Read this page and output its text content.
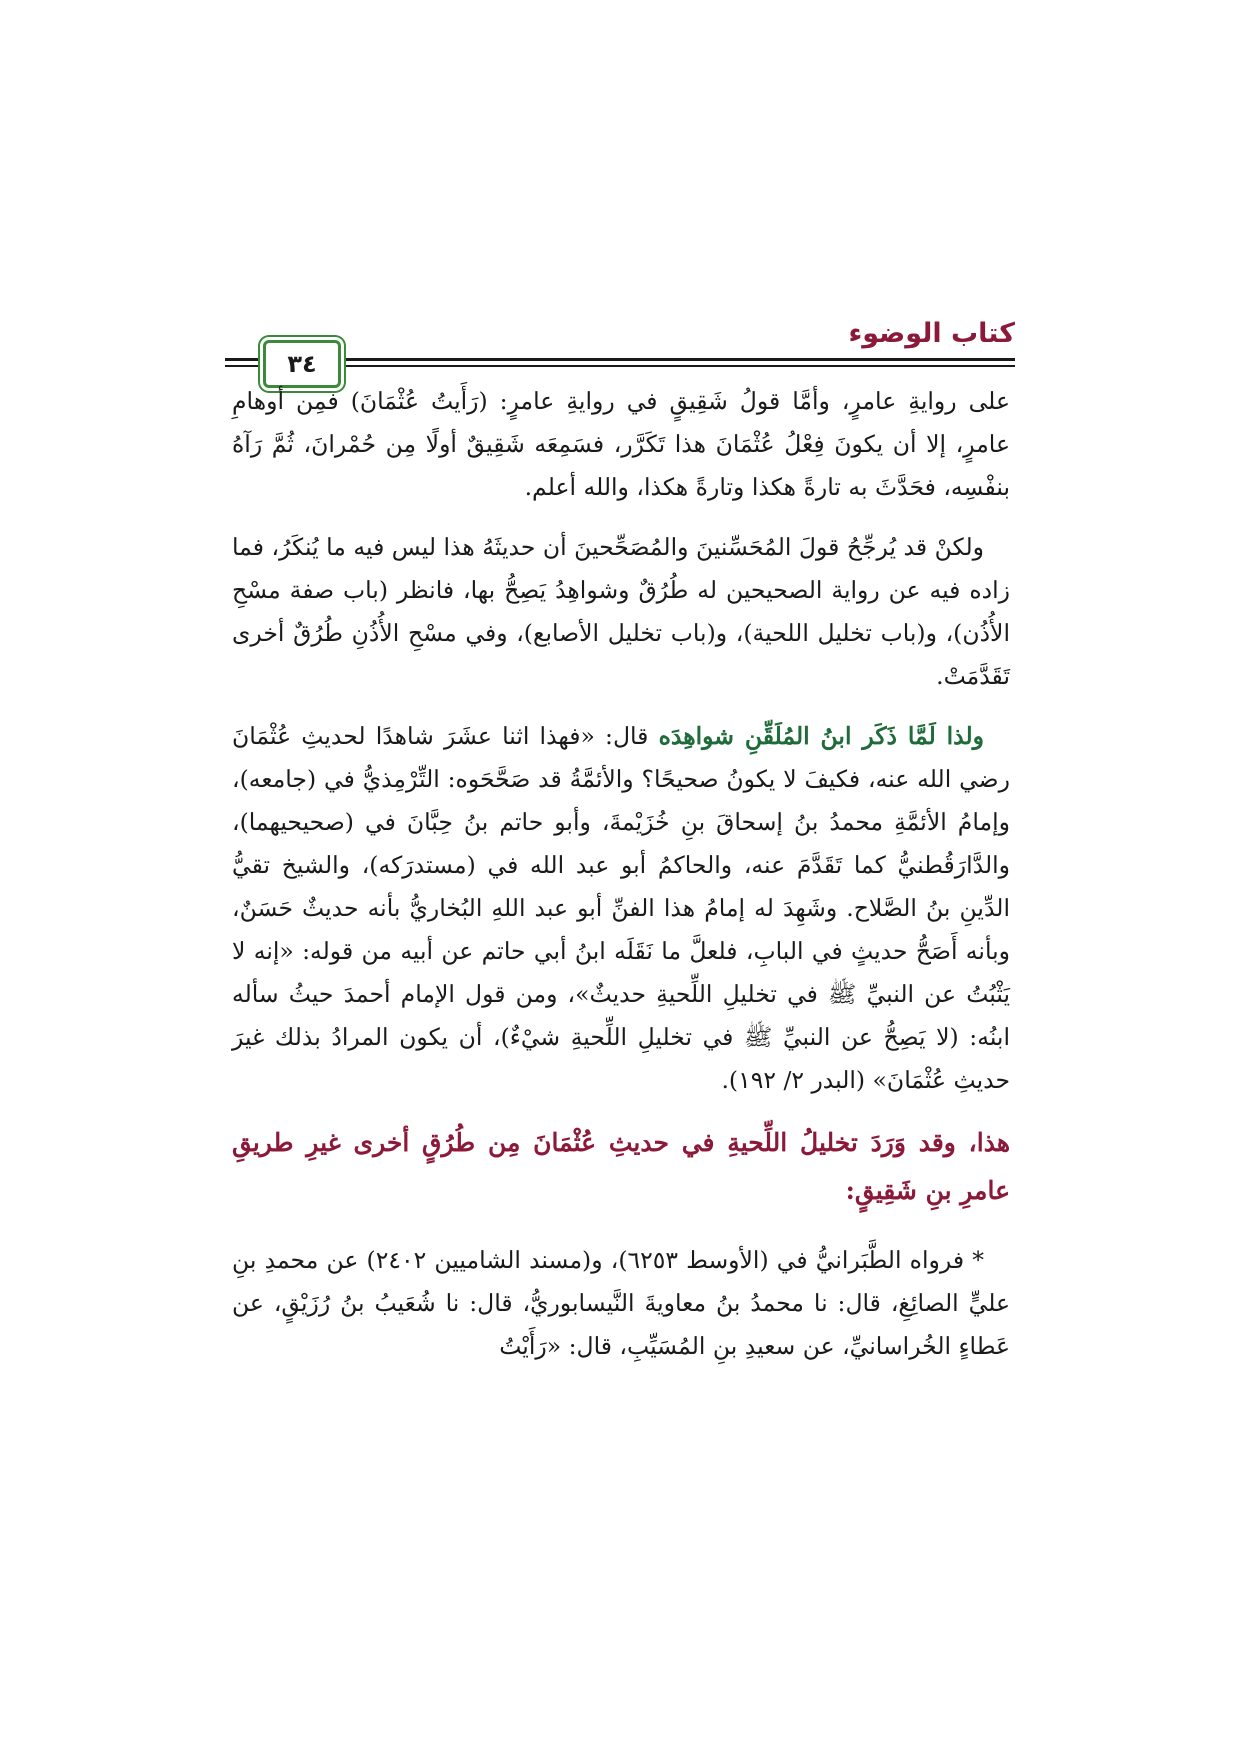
كتاب الوضوء
٣٤

على روايةِ عامرٍ، وأمَّا قولُ شَقِيقٍ في روايةِ عامرٍ: (رَأَيتُ عُثْمَانَ) فمِن أوهامِ عامرٍ، إلا أن يكونَ فِعْلُ عُثْمَانَ هذا تَكَرَّر، فسَمِعَه شَقِيقٌ أولًا مِن حُمْرانَ، ثُمَّ رَآهُ بنفْسِه، فحَدَّثَ به تارةً هكذا وتارةً هكذا، والله أعلم.

ولكنْ قد يُرجِّحُ قولَ المُحَسِّنينَ والمُصَحِّحينَ أن حديثَهُ هذا ليس فيه ما يُنكَرُ، فما زاده فيه عن رواية الصحيحين له طُرُقٌ وشواهِدُ يَصِحُّ بها، فانظر (باب صفة مسْحِ الأُذُن)، و(باب تخليل اللحية)، و(باب تخليل الأصابع)، وفي مسْحِ الأُذُنِ طُرُقٌ أخرى تَقَدَّمَتْ.

ولذا لَمَّا ذَكَر ابنُ المُلَقِّنِ شواهِدَه قال: «فهذا اثنا عشَرَ شاهدًا لحديثِ عُثْمَانَ رضي الله عنه، فكيفَ لا يكونُ صحيحًا؟ والأئمَّةُ قد صَحَّحَوه: التِّرْمِذيُّ في (جامعه)، وإمامُ الأئمَّةِ محمدُ بنُ إسحاقَ بنِ خُزَيْمةَ، وأبو حاتم بنُ حِبَّانَ في (صحيحيهما)، والدَّارَقُطنيُّ كما تَقَدَّمَ عنه، والحاكمُ أبو عبد الله في (مستدرَكه)، والشيخ تقيُّ الدِّينِ بنُ الصَّلاح. وشَهِدَ له إمامُ هذا الفنِّ أبو عبد اللهِ البُخاريُّ بأنه حديثٌ حَسَنٌ، وبأنه أَصَحُّ حديثٍ في البابِ، فلعلَّ ما نَقَلَه ابنُ أبي حاتم عن أبيه من قوله: «إنه لا يَثْبُتُ عن النبيِّ ﷺ في تخليلِ اللِّحيةِ حديثٌ»، ومن قول الإمام أحمدَ حيثُ سأله ابنُه: (لا يَصِحُّ عن النبيِّ ﷺ في تخليلِ اللِّحيةِ شيْءٌ)، أن يكون المرادُ بذلك غيرَ حديثِ عُثْمَانَ» (البدر ٢/ ١٩٢).

هذا، وقد وَرَدَ تخليلُ اللِّحيةِ في حديثِ عُثْمَانَ مِن طُرُقٍ أخرى غيرِ طريقِ عامرِ بنِ شَقِيقٍ:

* فرواه الطَّبَرانيُّ في (الأوسط ٦٢٥٣)، و(مسند الشاميين ٢٤٠٢) عن محمدِ بنِ عليٍّ الصائِغِ، قال: نا محمدُ بنُ معاويةَ النَّيسابوريُّ، قال: نا شُعَيبُ بنُ رُزَيْقٍ، عن عَطاءٍ الخُراسانيِّ، عن سعيدِ بنِ المُسَيِّبِ، قال: «رَأَيْتُ
